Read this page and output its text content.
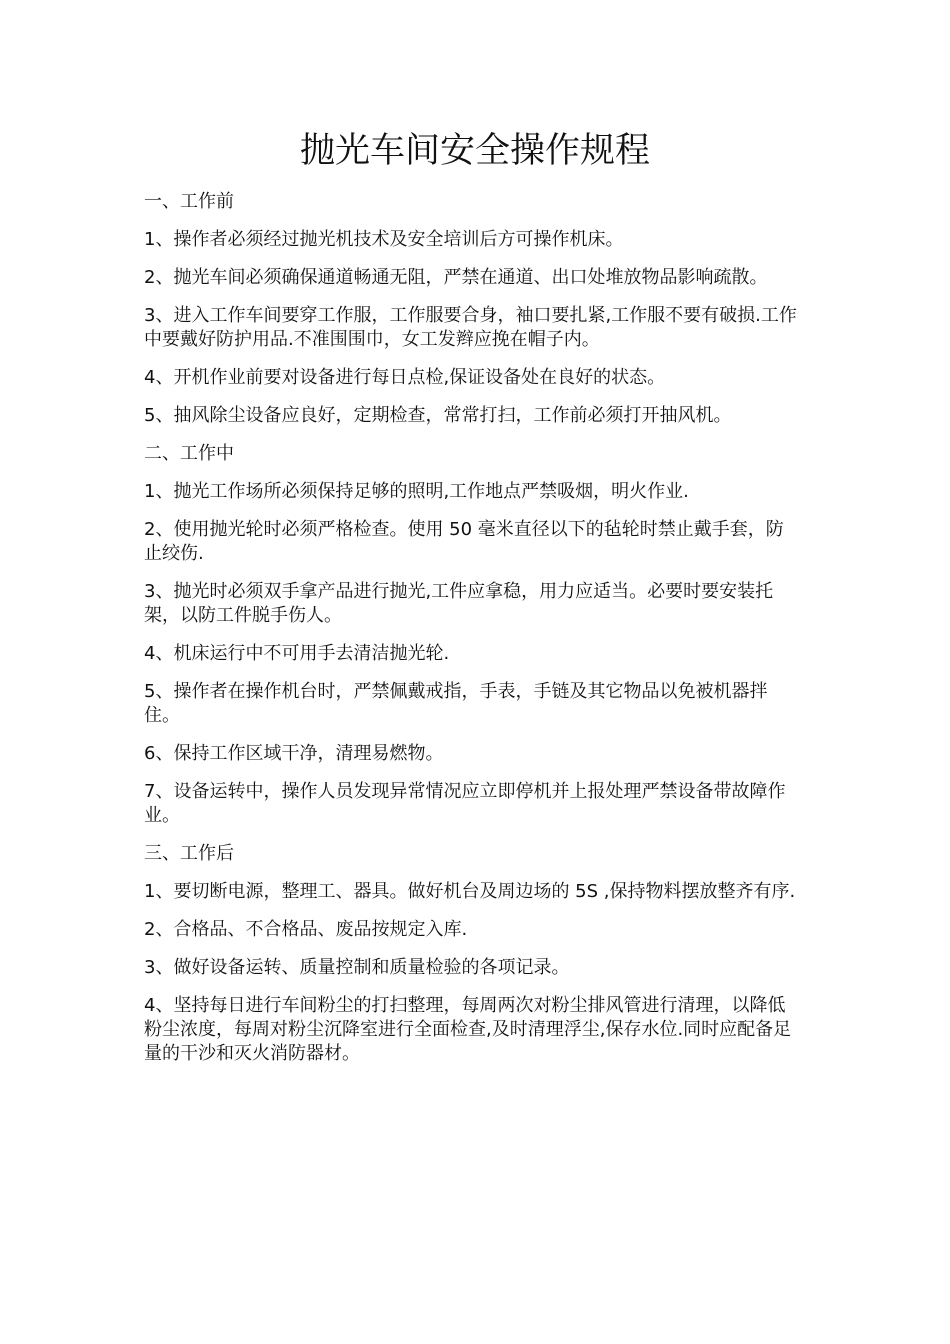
抛光车间安全操作规程

一、工作前

1、操作者必须经过抛光机技术及安全培训后方可操作机床。

2、抛光车间必须确保通道畅通无阻，严禁在通道、出口处堆放物品影响疏散。

3、进入工作车间要穿工作服，工作服要合身，袖口要扎紧,工作服不要有破损.工作中要戴好防护用品.不准围围巾，女工发辫应挽在帽子内。

4、开机作业前要对设备进行每日点检,保证设备处在良好的状态。

5、抽风除尘设备应良好，定期检查，常常打扫，工作前必须打开抽风机。

二、工作中

1、抛光工作场所必须保持足够的照明,工作地点严禁吸烟，明火作业.

2、使用抛光轮时必须严格检查。使用 50 毫米直径以下的毡轮时禁止戴手套，防止绞伤.

3、抛光时必须双手拿产品进行抛光,工件应拿稳，用力应适当。必要时要安装托架，以防工件脱手伤人。

4、机床运行中不可用手去清洁抛光轮.

5、操作者在操作机台时，严禁佩戴戒指，手表，手链及其它物品以免被机器拌住。

6、保持工作区域干净，清理易燃物。

7、设备运转中，操作人员发现异常情况应立即停机并上报处理严禁设备带故障作业。

三、工作后

1、要切断电源，整理工、器具。做好机台及周边场的 5S ,保持物料摆放整齐有序.

2、合格品、不合格品、废品按规定入库.

3、做好设备运转、质量控制和质量检验的各项记录。

4、坚持每日进行车间粉尘的打扫整理，每周两次对粉尘排风管进行清理，以降低粉尘浓度，每周对粉尘沉降室进行全面检查,及时清理浮尘,保存水位.同时应配备足量的干沙和灭火消防器材。
